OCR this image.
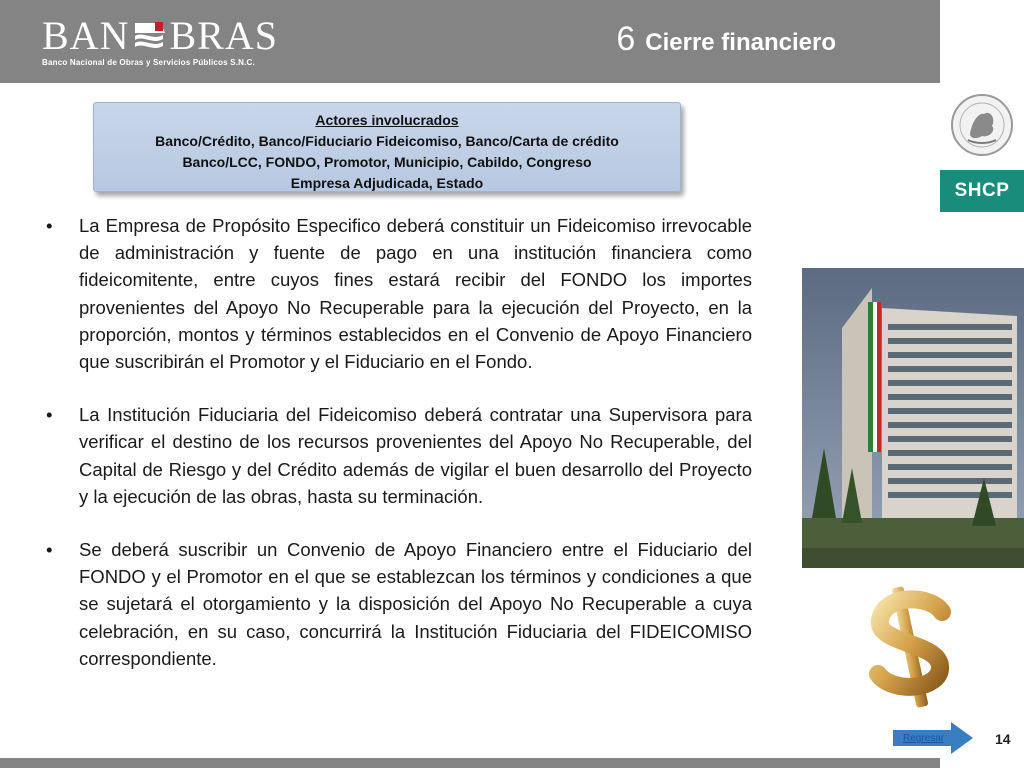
BAN BRAS
Banco Nacional de Obras y Servicios Públicos S.N.C.
6 Cierre financiero
SHCP
Actores involucrados
Banco/Crédito, Banco/Fiduciario Fideicomiso, Banco/Carta de crédito
Banco/LCC, FONDO, Promotor, Municipio, Cabildo, Congreso
Empresa Adjudicada, Estado
• La Empresa de Propósito Especifico deberá constituir un Fideicomiso irrevocable de administración y fuente de pago en una institución financiera como fideicomitente, entre cuyos fines estará recibir del FONDO los importes provenientes del Apoyo No Recuperable para la ejecución del Proyecto, en la proporción, montos y términos establecidos en el Convenio de Apoyo Financiero que suscribirán el Promotor y el Fiduciario en el Fondo.
• La Institución Fiduciaria del Fideicomiso deberá contratar una Supervisora para verificar el destino de los recursos provenientes del Apoyo No Recuperable, del Capital de Riesgo y del Crédito además de vigilar el buen desarrollo del Proyecto y la ejecución de las obras, hasta su terminación.
• Se deberá suscribir un Convenio de Apoyo Financiero entre el Fiduciario del FONDO y el Promotor en el que se establezcan los términos y condiciones a que se sujetará el otorgamiento y la disposición del Apoyo No Recuperable a cuya celebración, en su caso, concurrirá la Institución Fiduciaria del FIDEICOMISO correspondiente.
Regresar	14
